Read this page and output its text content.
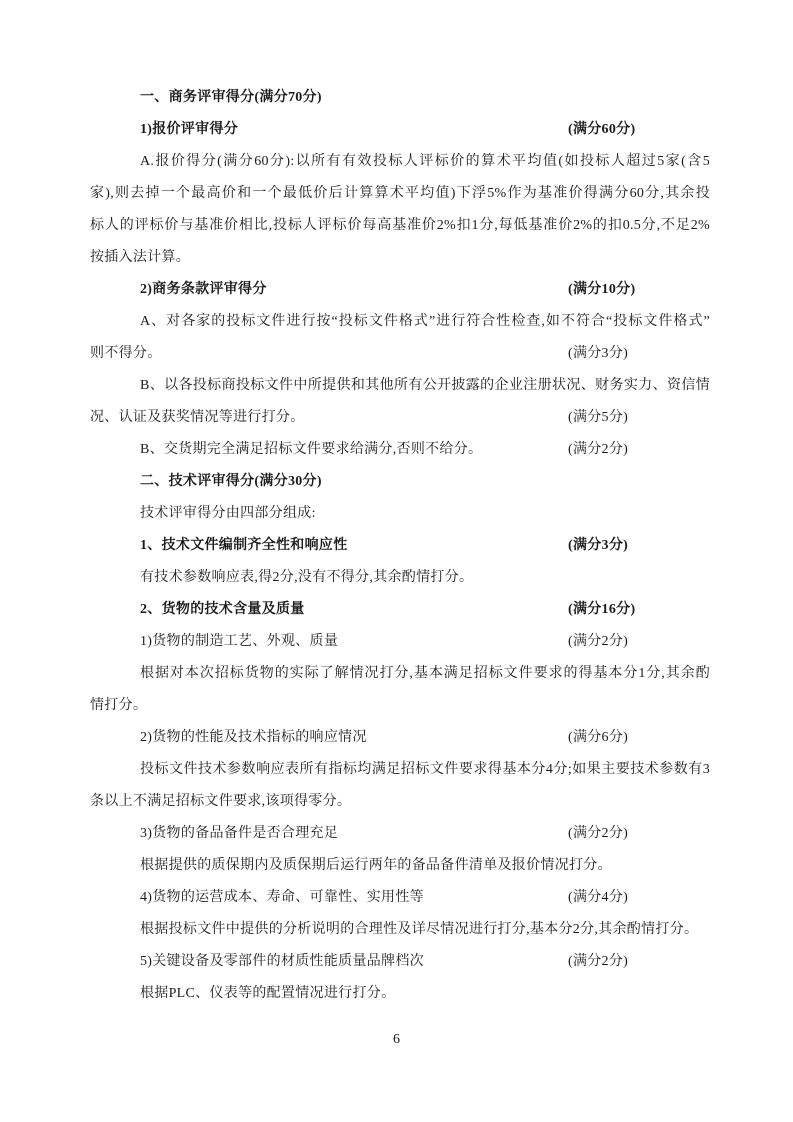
一、商务评审得分(满分70分)
1)报价评审得分	(满分60分)
A.报价得分(满分60分):以所有有效投标人评标价的算术平均值(如投标人超过5家(含5
家),则去掉一个最高价和一个最低价后计算算术平均值)下浮5%作为基准价得满分60分,其余投
标人的评标价与基准价相比,投标人评标价每高基准价2%扣1分,每低基准价2%的扣0.5分,不足2%
按插入法计算。
2)商务条款评审得分	(满分10分)
A、对各家的投标文件进行按“投标文件格式”进行符合性检查,如不符合“投标文件格式”
则不得分。	(满分3分)
B、以各投标商投标文件中所提供和其他所有公开披露的企业注册状况、财务实力、资信情
况、认证及获奖情况等进行打分。	(满分5分)
B、交货期完全满足招标文件要求给满分,否则不给分。	(满分2分)
二、技术评审得分(满分30分)
技术评审得分由四部分组成:
1、技术文件编制齐全性和响应性	(满分3分)
有技术参数响应表,得2分,没有不得分,其余酌情打分。
2、货物的技术含量及质量	(满分16分)
1)货物的制造工艺、外观、质量	(满分2分)
根据对本次招标货物的实际了解情况打分,基本满足招标文件要求的得基本分1分,其余酌
情打分。
2)货物的性能及技术指标的响应情况	(满分6分)
投标文件技术参数响应表所有指标均满足招标文件要求得基本分4分;如果主要技术参数有3
条以上不满足招标文件要求,该项得零分。
3)货物的备品备件是否合理充足	(满分2分)
根据提供的质保期内及质保期后运行两年的备品备件清单及报价情况打分。
4)货物的运营成本、寿命、可靠性、实用性等	(满分4分)
根据投标文件中提供的分析说明的合理性及详尽情况进行打分,基本分2分,其余酌情打分。
5)关键设备及零部件的材质性能质量品牌档次	(满分2分)
根据PLC、仪表等的配置情况进行打分。
6
